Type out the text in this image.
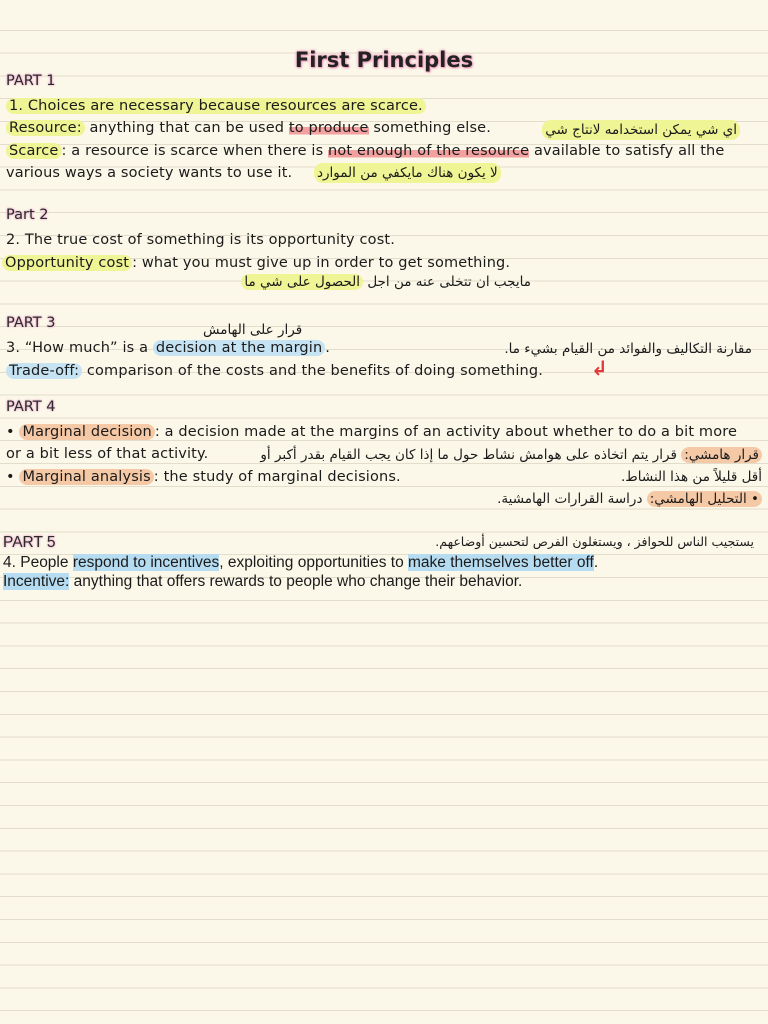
First Principles
PART 1
1. Choices are necessary because resources are scarce.
Resource: anything that can be used to produce something else.	اي شي يمكن استخدامه لانتاج شي
Scarce : a resource is scarce when there is not enough of the resource available to satisfy all the
various ways a society wants to use it. لا يكون هناك مايكفي من الموارد
Part 2
2. The true cost of something is its opportunity cost.
Opportunity cost : what you must give up in order to get something.
مايجب ان تتخلى عنه من اجل الحصول على شي ما
PART 3	قرار على الهامش
3. “How much” is a decision at the margin .	مقارنة التكاليف والفوائد من القيام بشيء ما.
Trade-off: comparison of the costs and the benefits of doing something. ↲
PART 4
• Marginal decision : a decision made at the margins of an activity about whether to do a bit more
or a bit less of that activity.	قرار هامشي: قرار يتم اتخاذه على هوامش نشاط حول ما إذا كان يجب القيام بقدر أكبر أو
• Marginal analysis : the study of marginal decisions.	أقل قليلاً من هذا النشاط.
• التحليل الهامشي: دراسة القرارات الهامشية.
PART 5	يستجيب الناس للحوافز ، ويستغلون الفرص لتحسين أوضاعهم.
4. People respond to incentives, exploiting opportunities to make themselves better off.
Incentive: anything that offers rewards to people who change their behavior.
